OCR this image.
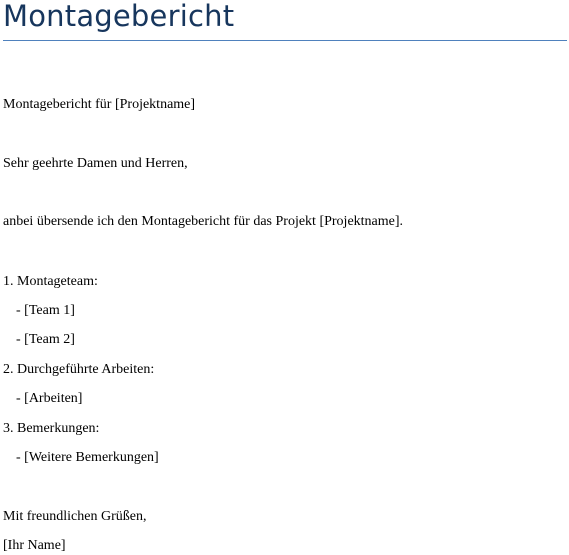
Montagebericht

Montagebericht für [Projektname]

Sehr geehrte Damen und Herren,

anbei übersende ich den Montagebericht für das Projekt [Projektname].

1. Montageteam:

- [Team 1]

- [Team 2]

2. Durchgeführte Arbeiten:

- [Arbeiten]

3. Bemerkungen:

- [Weitere Bemerkungen]

Mit freundlichen Grüßen,

[Ihr Name]
